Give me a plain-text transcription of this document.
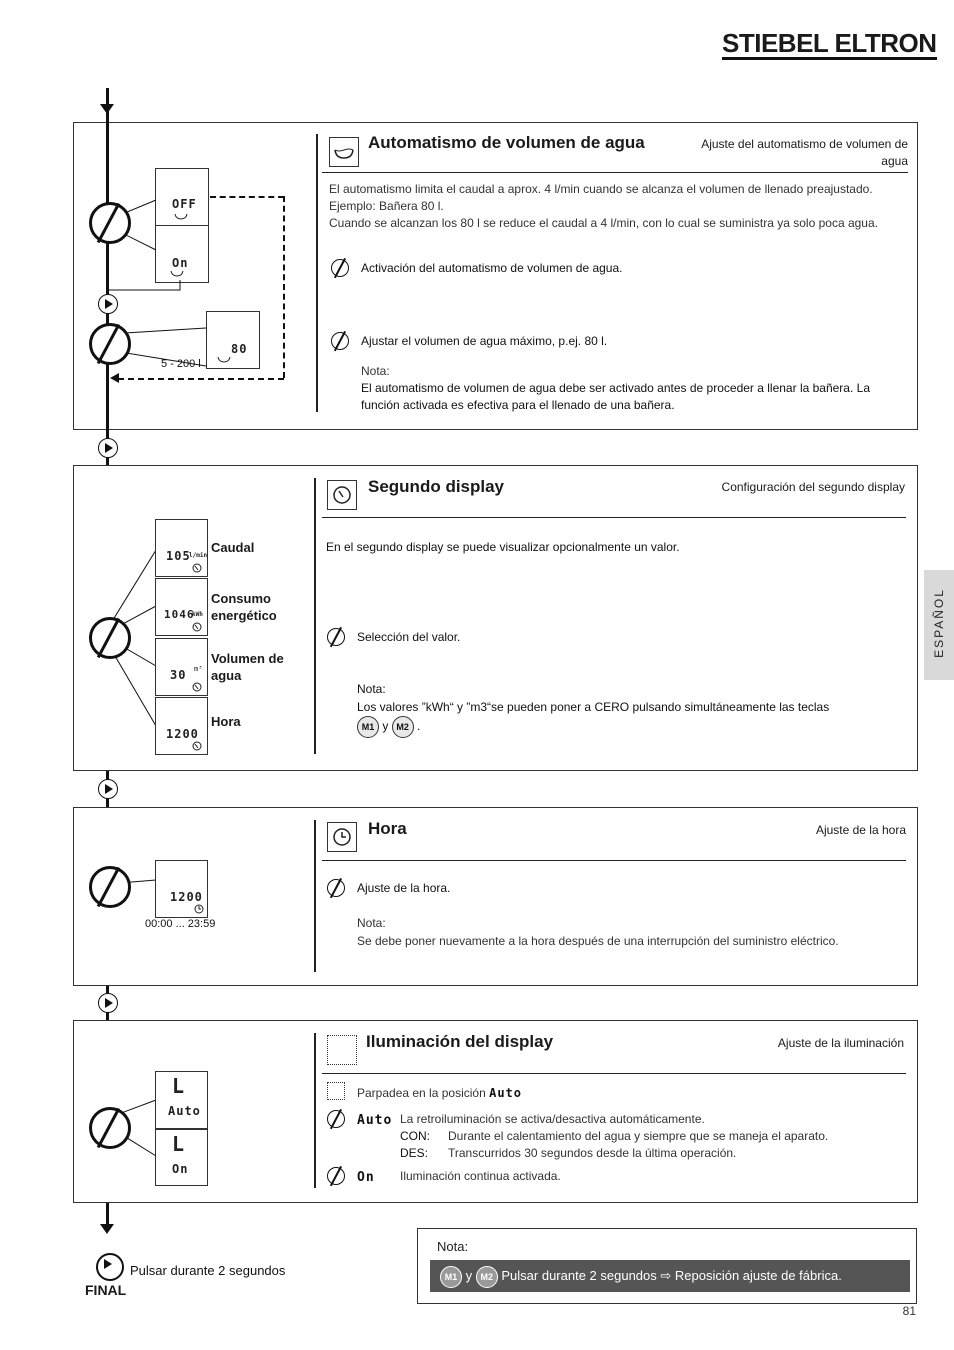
STIEBEL ELTRON
ESPAÑOL
Automatismo de volumen de agua	Ajuste del automatismo de volumen de agua
El automatismo limita el caudal a aprox. 4 l/min cuando se alcanza el volumen de llenado preajustado.
Ejemplo: Bañera 80 l.
Cuando se alcanzan los 80 l se reduce el caudal a 4 l/min, con lo cual se suministra ya solo poca agua.
Activación del automatismo de volumen de agua.
Ajustar el volumen de agua máximo, p.ej. 80 l.
Nota:
El automatismo de volumen de agua debe ser activado antes de proceder a llenar la bañera. La función activada es efectiva para el llenado de una bañera.
OFF
On
80
5 - 200 l
Segundo display	Configuración del segundo display
En el segundo display se puede visualizar opcionalmente un valor.
Selección del valor.
Nota:
Los valores ”kWh“ y ”m3“se pueden poner a CERO pulsando simultáneamente las teclas
M1 y M2 .
105
l/min
Caudal
1046
kWh
Consumo energético
30 m³
Volumen de agua
1200
Hora
Hora	Ajuste de la hora
Ajuste de la hora.
Nota:
Se debe poner nuevamente a la hora después de una interrupción del suministro eléctrico.
1200
00:00 ... 23:59
Iluminación del display	Ajuste de la iluminación
Parpadea en la posición Auto
Auto La retroiluminación se activa/desactiva automáticamente.
CON: Durante el calentamiento del agua y siempre que se maneja el aparato.
DES: Transcurridos 30 segundos desde la última operación.
On Iluminación continua activada.
L
Auto
L
On
Pulsar durante 2 segundos
FINAL
Nota:
M1 y M2 Pulsar durante 2 segundos ⇨ Reposición ajuste de fábrica.
81
